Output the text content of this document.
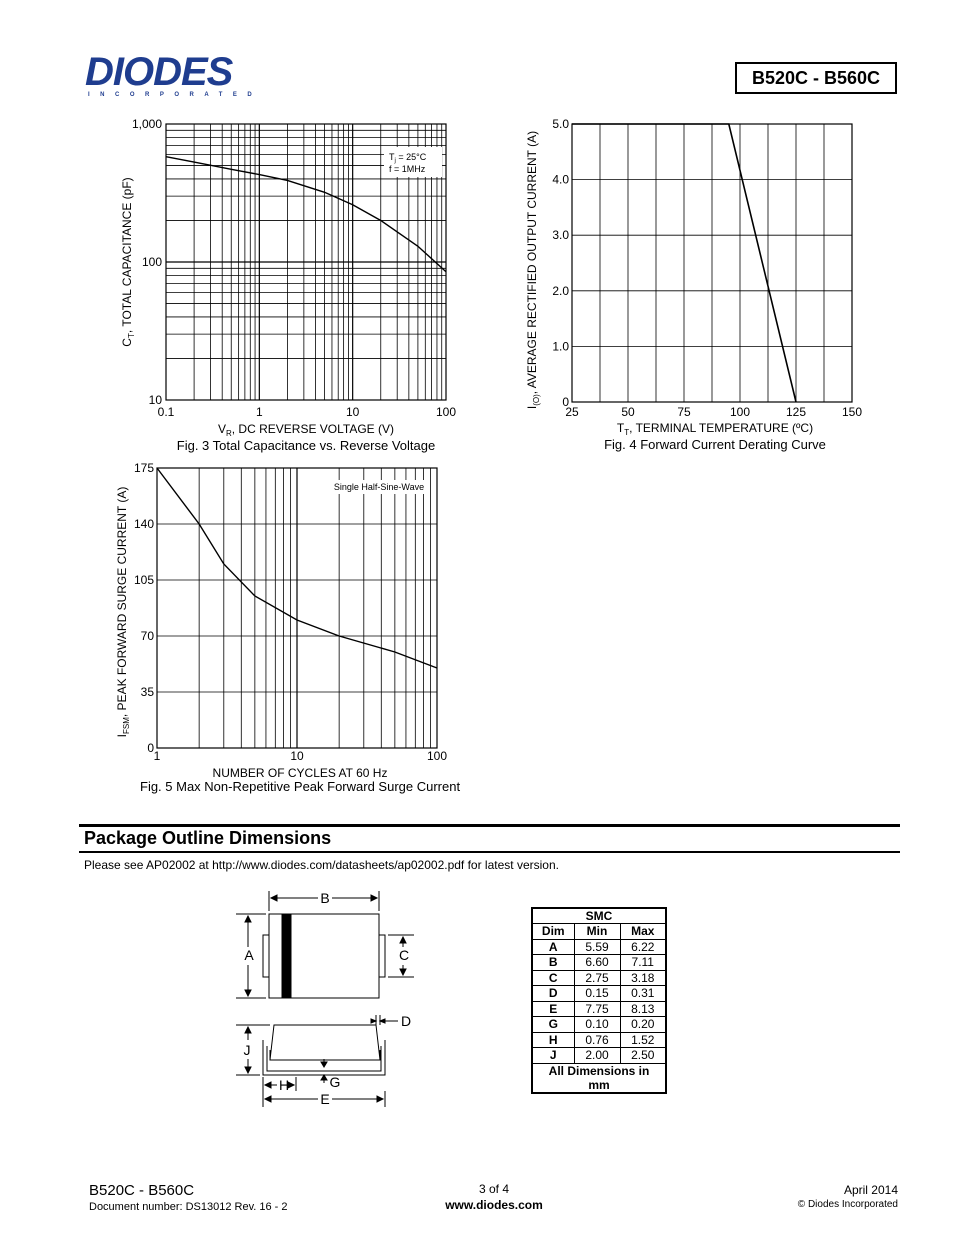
DIODES
INCORPORATED
B520C - B560C
0.1	1	10	100
10
100
1,000
$V_R$, DC REVERSE VOLTAGE (V)
$C_T$, TOTAL CAPACITANCE (pF)
$T_j = 25^\circ C$
f = 1MHz
25	50	75	100	125	150
0
1.0
2.0
3.0
4.0
5.0
$T_T$, TERMINAL TEMPERATURE (ºC)
$I_{(O)}$, AVERAGE RECTIFIED OUTPUT CURRENT (A)
1	10	100
0
35
70
105
140
175
NUMBER OF CYCLES AT 60 Hz
$I_{FSM}$, PEAK FORWARD SURGE CURRENT (A)	Single Half-Sine-Wave
Fig. 3 Total Capacitance vs. Reverse Voltage	Fig. 4 Forward Current Derating Curve
Fig. 5 Max Non-Repetitive Peak Forward Surge Current
Package Outline Dimensions
Please see AP02002 at http://www.diodes.com/datasheets/ap02002.pdf for latest version.
B
A	C
D
J
G
H
E
SMC		
Dim	Min	Max
A	5.59	6.22
B	6.60	7.11
C	2.75	3.18
D	0.15	0.31
E	7.75	8.13
G	0.10	0.20
H	0.76	1.52
J	2.00	2.50
All Dimensions in mm		
B520C - B560C
Document number: DS13012 Rev. 16 - 2
3 of 4
www.diodes.com
April 2014
© Diodes Incorporated
